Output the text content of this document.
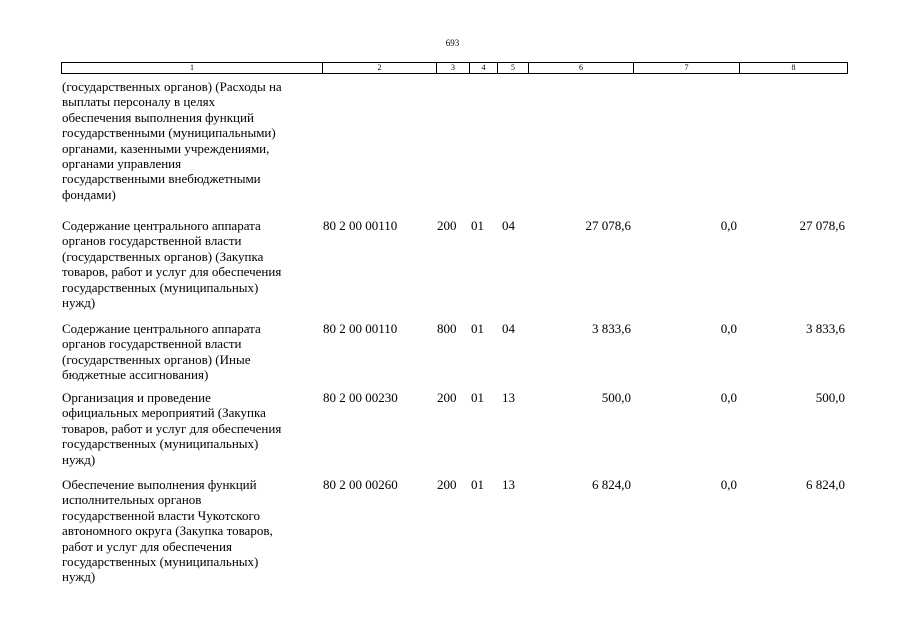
693
1	2	3	4	5	6	7	8
(государственных органов) (Расходы на
выплаты персоналу в целях
обеспечения выполнения функций
государственными (муниципальными)
органами, казенными учреждениями,
органами управления
государственными внебюджетными
фондами)
Содержание центрального аппарата
органов государственной власти
(государственных органов) (Закупка
товаров, работ и услуг для обеспечения
государственных (муниципальных)
нужд)
80 2 00 00110	200 01 04	27 078,6	0,0	27 078,6
Содержание центрального аппарата
органов государственной власти
(государственных органов) (Иные
бюджетные ассигнования)
80 2 00 00110	800 01 04	3 833,6	0,0	3 833,6
Организация и проведение
официальных мероприятий (Закупка
товаров, работ и услуг для обеспечения
государственных (муниципальных)
нужд)
80 2 00 00230	200 01 13	500,0	0,0	500,0
Обеспечение выполнения функций
исполнительных органов
государственной власти Чукотского
автономного округа (Закупка товаров,
работ и услуг для обеспечения
государственных (муниципальных)
нужд)
80 2 00 00260	200 01 13	6 824,0	0,0	6 824,0
